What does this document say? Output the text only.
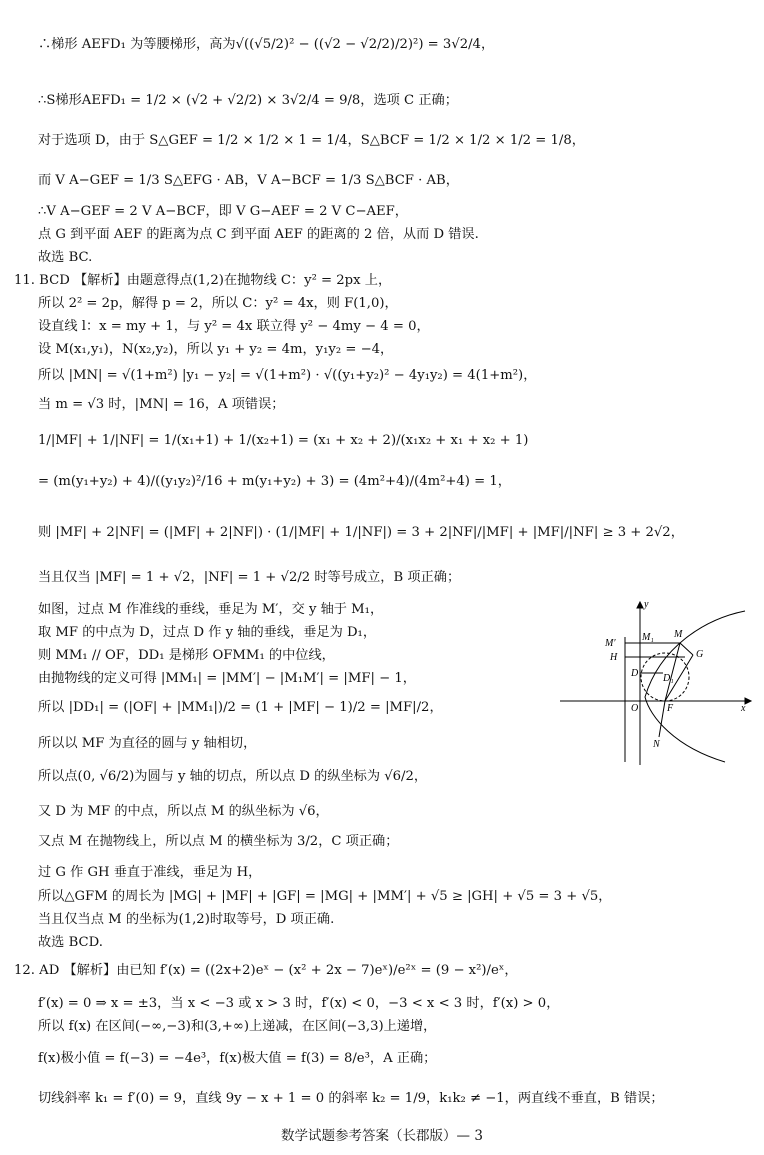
∴梯形 AEFD₁ 为等腰梯形，高为√((√5/2)² − ((√2 − √2/2)/2)²) = 3√2/4，
∴S梯形AEFD₁ = 1/2 × (√2 + √2/2) × 3√2/4 = 9/8，选项 C 正确；
对于选项 D，由于 S△GEF = 1/2 × 1/2 × 1 = 1/4，S△BCF = 1/2 × 1/2 × 1/2 = 1/8，
而 V A−GEF = 1/3 S△EFG · AB，V A−BCF = 1/3 S△BCF · AB，
∴V A−GEF = 2 V A−BCF，即 V G−AEF = 2 V C−AEF，
点 G 到平面 AEF 的距离为点 C 到平面 AEF 的距离的 2 倍，从而 D 错误.
故选 BC.
11. BCD 【解析】由题意得点(1,2)在抛物线 C：y² = 2px 上，
所以 2² = 2p，解得 p = 2，所以 C：y² = 4x，则 F(1,0)，
设直线 l：x = my + 1，与 y² = 4x 联立得 y² − 4my − 4 = 0，
设 M(x₁,y₁)，N(x₂,y₂)，所以 y₁ + y₂ = 4m，y₁y₂ = −4，
所以 |MN| = √(1+m²) |y₁ − y₂| = √(1+m²) · √((y₁+y₂)² − 4y₁y₂) = 4(1+m²)，
当 m = √3 时，|MN| = 16，A 项错误；
1/|MF| + 1/|NF| = 1/(x₁+1) + 1/(x₂+1) = (x₁ + x₂ + 2)/(x₁x₂ + x₁ + x₂ + 1)
= (m(y₁+y₂) + 4)/((y₁y₂)²/16 + m(y₁+y₂) + 3) = (4m²+4)/(4m²+4) = 1，
则 |MF| + 2|NF| = (|MF| + 2|NF|) · (1/|MF| + 1/|NF|) = 3 + 2|NF|/|MF| + |MF|/|NF| ≥ 3 + 2√2，
当且仅当 |MF| = 1 + √2，|NF| = 1 + √2/2 时等号成立，B 项正确；
如图，过点 M 作准线的垂线，垂足为 M′，交 y 轴于 M₁，
取 MF 的中点为 D，过点 D 作 y 轴的垂线，垂足为 D₁，
则 MM₁ // OF，DD₁ 是梯形 OFMM₁ 的中位线，
由抛物线的定义可得 |MM₁| = |MM′| − |M₁M′| = |MF| − 1，
所以 |DD₁| = (|OF| + |MM₁|)/2 = (1 + |MF| − 1)/2 = |MF|/2，
所以以 MF 为直径的圆与 y 轴相切，
所以点(0, √6/2)为圆与 y 轴的切点，所以点 D 的纵坐标为 √6/2，
又 D 为 MF 的中点，所以点 M 的纵坐标为 √6，
又点 M 在抛物线上，所以点 M 的横坐标为 3/2，C 项正确；
过 G 作 GH 垂直于准线，垂足为 H，
所以△GFM 的周长为 |MG| + |MF| + |GF| = |MG| + |MM′| + √5 ≥ |GH| + √5 = 3 + √5，
当且仅当点 M 的坐标为(1,2)时取等号，D 项正确.
故选 BCD.
12. AD 【解析】由已知 f′(x) = ((2x+2)eˣ − (x² + 2x − 7)eˣ)/e²ˣ = (9 − x²)/eˣ，
f′(x) = 0 ⇒ x = ±3，当 x < −3 或 x > 3 时，f′(x) < 0，−3 < x < 3 时，f′(x) > 0，
所以 f(x) 在区间(−∞,−3)和(3,+∞)上递减，在区间(−3,3)上递增，
f(x)极小值 = f(−3) = −4e³，f(x)极大值 = f(3) = 8/e³，A 正确；
切线斜率 k₁ = f′(0) = 9，直线 9y − x + 1 = 0 的斜率 k₂ = 1/9，k₁k₂ ≠ −1，两直线不垂直，B 错误；
y
x
M′
M₁ M
H	G
D D₁
O	F
N
数学试题参考答案（长郡版）— 3
